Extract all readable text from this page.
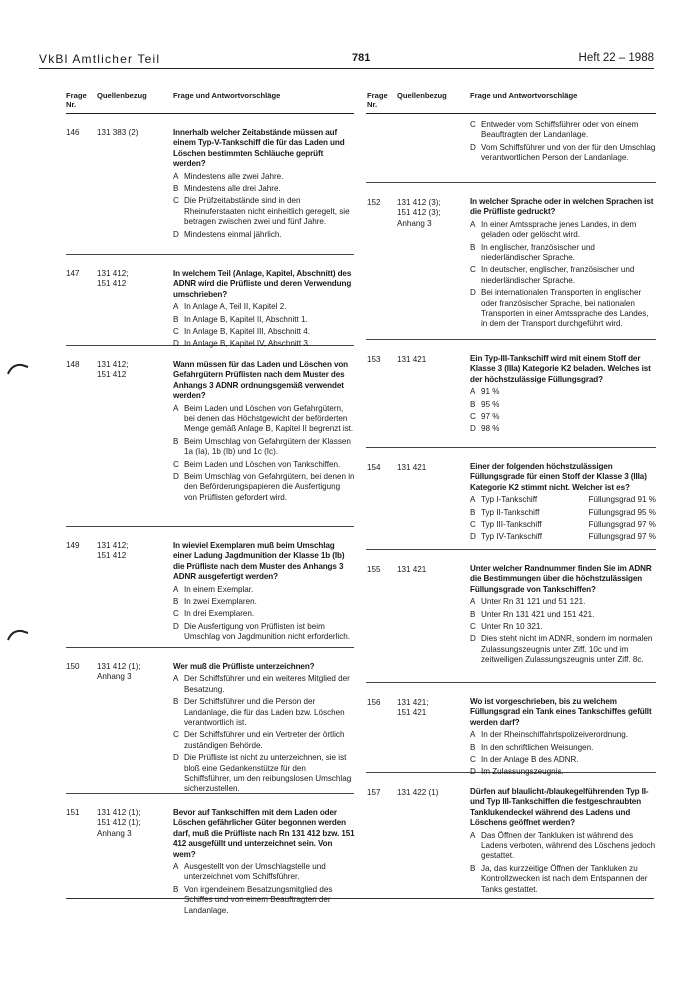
VkBl Amtlicher Teil	781	Heft 22 – 1988
Frage
Nr.
Quellenbezug	Frage und Antwortvorschläge
146 131 383 (2)	Innerhalb welcher Zeitabstände müssen auf einem Typ-V-Tankschiff die für das Laden und Löschen bestimmten Schläuche geprüft werden?
A Mindestens alle zwei Jahre.
B Mindestens alle drei Jahre.
C Die Prüfzeitabstände sind in den Rheinuferstaaten nicht einheitlich geregelt, sie betragen zwischen zwei und fünf Jahre.
D Mindestens einmal jährlich.
147 131 412;
151 412
In welchem Teil (Anlage, Kapitel, Abschnitt) des ADNR wird die Prüfliste und deren Verwendung umschrieben?
A In Anlage A, Teil II, Kapitel 2.
B In Anlage B, Kapitel II, Abschnitt 1.
C In Anlage B, Kapitel III, Abschnitt 4.
D In Anlage B, Kapitel IV, Abschnitt 3.
148 131 412;
151 412
Wann müssen für das Laden und Löschen von Gefahrgütern Prüflisten nach dem Muster des Anhangs 3 ADNR ordnungsgemäß verwendet werden?
A Beim Laden und Löschen von Gefahrgütern, bei denen das Höchstgewicht der beförderten Menge gemäß Anlage B, Kapitel II begrenzt ist.
B Beim Umschlag von Gefahrgütern der Klassen 1a (Ia), 1b (Ib) und 1c (Ic).
C Beim Laden und Löschen von Tankschiffen.
D Beim Umschlag von Gefahrgütern, bei denen in den Beförderungspapieren die Ausfertigung von Prüflisten gefordert wird.
149 131 412;
151 412
In wieviel Exemplaren muß beim Umschlag einer Ladung Jagdmunition der Klasse 1b (Ib) die Prüfliste nach dem Muster des Anhangs 3 ADNR ausgefertigt werden?
A In einem Exemplar.
B In zwei Exemplaren.
C In drei Exemplaren.
D Die Ausfertigung von Prüflisten ist beim Umschlag von Jagdmunition nicht erforderlich.
150 131 412 (1);
Anhang 3
Wer muß die Prüfliste unterzeichnen?
A Der Schiffsführer und ein weiteres Mitglied der Besatzung.
B Der Schiffsführer und die Person der Landanlage, die für das Laden bzw. Löschen verantwortlich ist.
C Der Schiffsführer und ein Vertreter der örtlich zuständigen Behörde.
D Die Prüfliste ist nicht zu unterzeichnen, sie ist bloß eine Gedankenstütze für den Schiffsführer, um den reibungslosen Umschlag sicherzustellen.
151 131 412 (1);
151 412 (1);
Anhang 3
Bevor auf Tankschiffen mit dem Laden oder Löschen gefährlicher Güter begonnen werden darf, muß die Prüfliste nach Rn 131 412 bzw. 151 412 ausgefüllt und unterzeichnet sein. Von wem?
A Ausgestellt von der Umschlagstelle und unterzeichnet vom Schiffsführer.
B Von irgendeinem Besatzungsmitglied des Schiffes und von einem Beauftragten der Landanlage.
Frage
Nr.
Quellenbezug	Frage und Antwortvorschläge
C Entweder vom Schiffsführer oder von einem Beauftragten der Landanlage.
D Vom Schiffsführer und von der für den Umschlag verantwortlichen Person der Landanlage.
152 131 412 (3);
151 412 (3);
Anhang 3
In welcher Sprache oder in welchen Sprachen ist die Prüfliste gedruckt?
A In einer Amtssprache jenes Landes, in dem geladen oder gelöscht wird.
B In englischer, französischer und niederländischer Sprache.
C In deutscher, englischer, französischer und niederländischer Sprache.
D Bei internationalen Transporten in englischer oder französischer Sprache, bei nationalen Transporten in einer Amtssprache des Landes, in dem der Transport durchgeführt wird.
153 131 421	Ein Typ-III-Tankschiff wird mit einem Stoff der Klasse 3 (IIIa) Kategorie K2 beladen. Welches ist der höchstzulässige Füllungsgrad?
A 91 %
B 95 %
C 97 %
D 98 %
154 131 421	Einer der folgenden höchstzulässigen Füllungsgrade für einen Stoff der Klasse 3 (IIIa) Kategorie K2 stimmt nicht. Welcher ist es?
A Typ I-Tankschiff	Füllungsgrad 91 %
B Typ II-Tankschiff	Füllungsgrad 95 %
C Typ III-Tankschiff	Füllungsgrad 97 %
D Typ IV-Tankschiff	Füllungsgrad 97 %
155 131 421	Unter welcher Randnummer finden Sie im ADNR die Bestimmungen über die höchstzulässigen Füllungsgrade von Tankschiffen?
A Unter Rn 31 121 und 51 121.
B Unter Rn 131 421 und 151 421.
C Unter Rn 10 321.
D Dies steht nicht im ADNR, sondern im normalen Zulassungszeugnis unter Ziff. 10c und im zeitweiligen Zulassungszeugnis unter Ziff. 8c.
156 131 421;
151 421
Wo ist vorgeschrieben, bis zu welchem Füllungsgrad ein Tank eines Tankschiffes gefüllt werden darf?
A In der Rheinschiffahrtspolizeiverordnung.
B In den schriftlichen Weisungen.
C In der Anlage B des ADNR.
D Im Zulassungszeugnis.
157 131 422 (1)	Dürfen auf blaulicht-/blaukegelführenden Typ II- und Typ III-Tankschiffen die festgeschraubten Tanklukendeckel während des Ladens und Löschens geöffnet werden?
A Das Öffnen der Tankluken ist während des Ladens verboten, während des Löschens jedoch gestattet.
B Ja, das kurzzeitige Öffnen der Tankluken zu Kontrollzwecken ist nach dem Entspannen der Tanks gestattet.
